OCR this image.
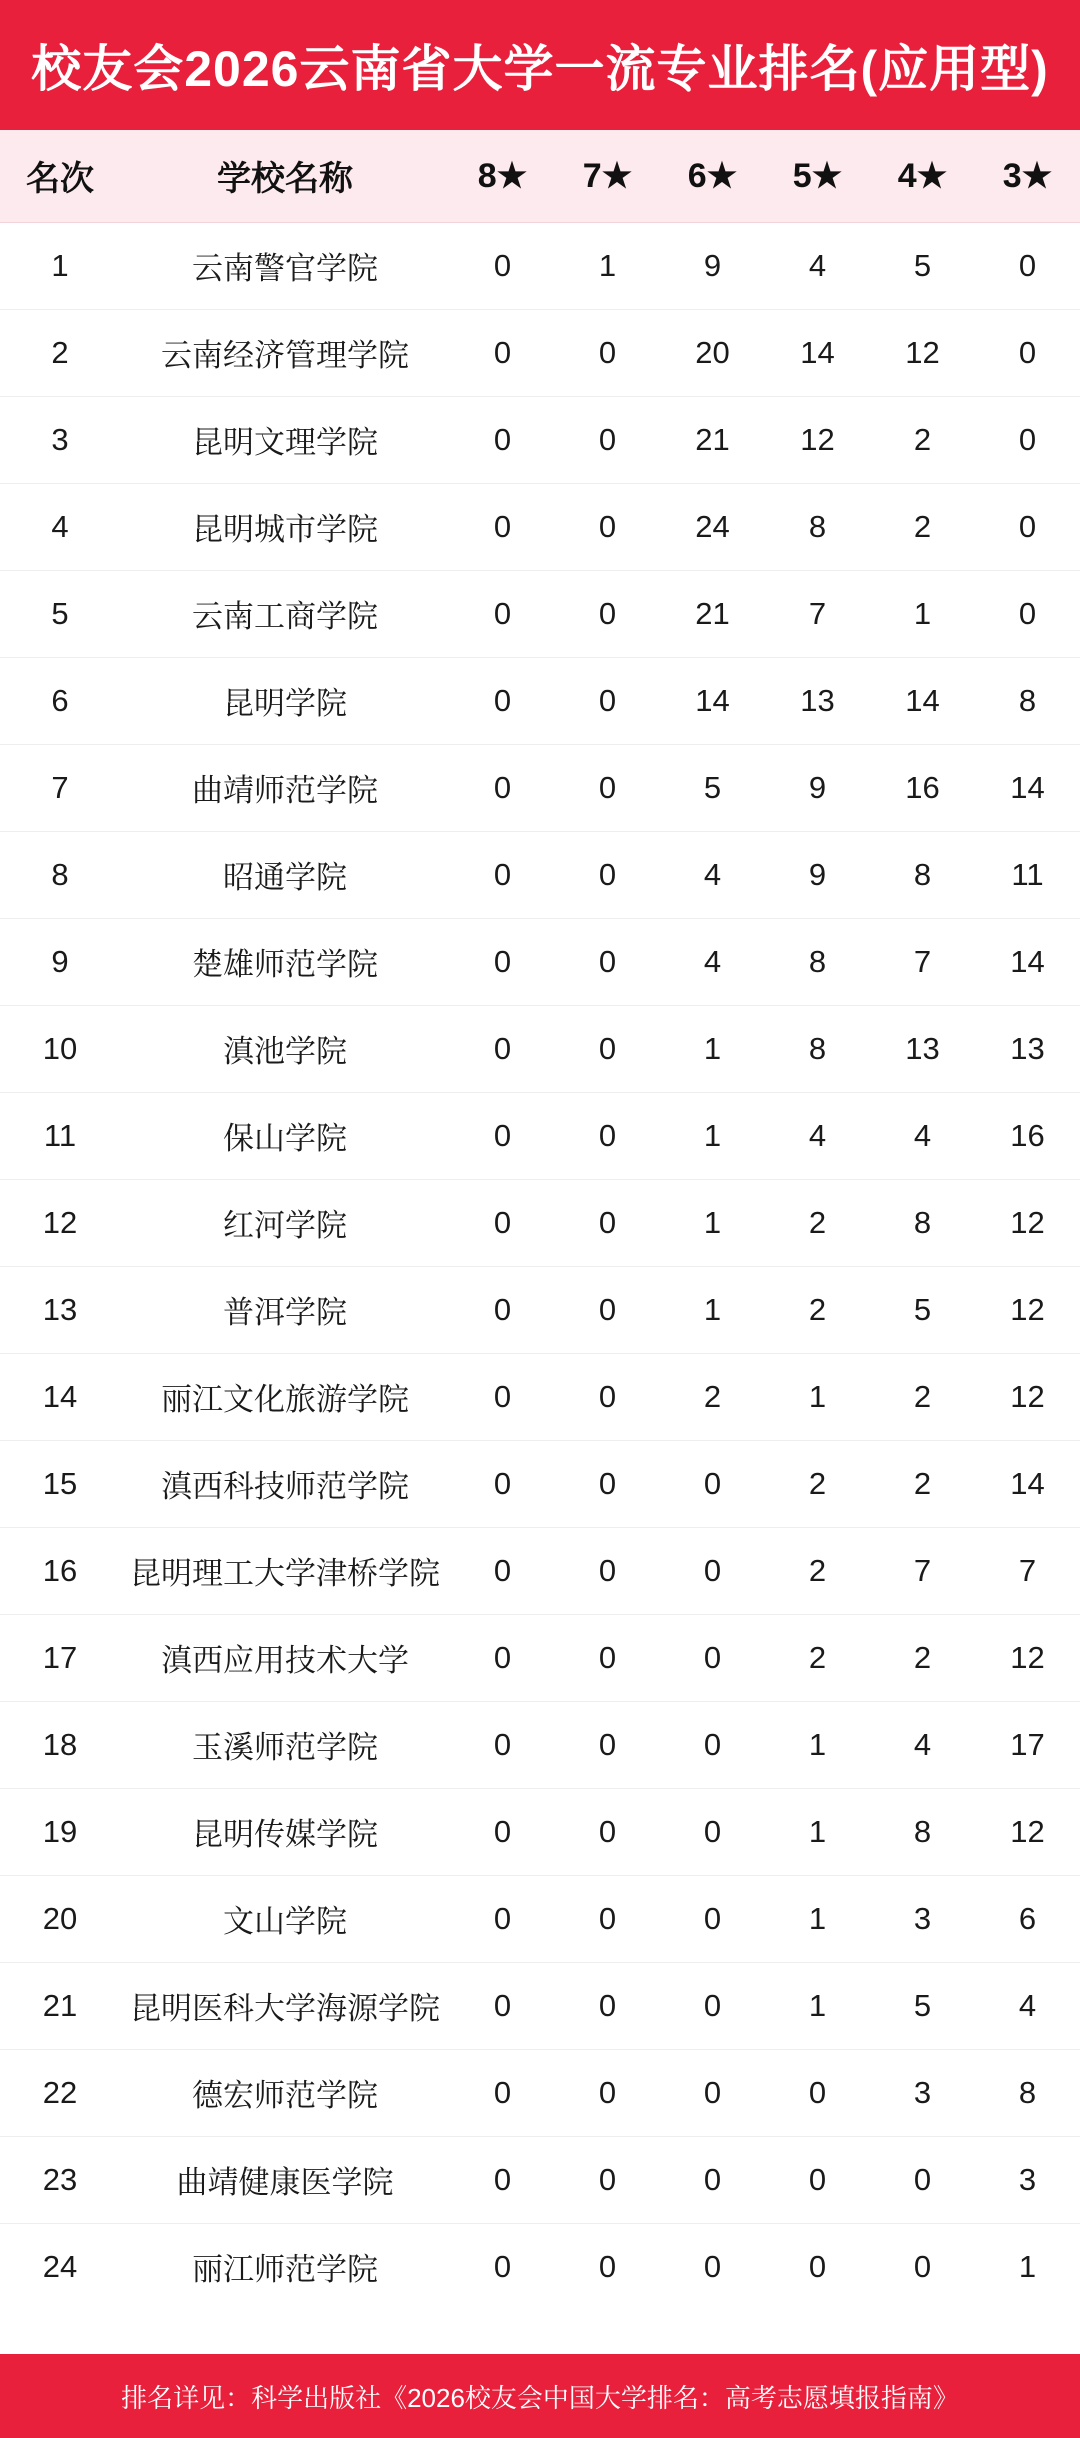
校友会2026云南省大学一流专业排名(应用型)
名次	学校名称	8★	7★	6★	5★	4★	3★
1	云南警官学院	0	1	9	4	5	0
2	云南经济管理学院	0	0	20	14	12	0
3	昆明文理学院	0	0	21	12	2	0
4	昆明城市学院	0	0	24	8	2	0
5	云南工商学院	0	0	21	7	1	0
6	昆明学院	0	0	14	13	14	8
7	曲靖师范学院	0	0	5	9	16	14
8	昭通学院	0	0	4	9	8	11
9	楚雄师范学院	0	0	4	8	7	14
10	滇池学院	0	0	1	8	13	13
11	保山学院	0	0	1	4	4	16
12	红河学院	0	0	1	2	8	12
13	普洱学院	0	0	1	2	5	12
14	丽江文化旅游学院	0	0	2	1	2	12
15	滇西科技师范学院	0	0	0	2	2	14
16	昆明理工大学津桥学院	0	0	0	2	7	7
17	滇西应用技术大学	0	0	0	2	2	12
18	玉溪师范学院	0	0	0	1	4	17
19	昆明传媒学院	0	0	0	1	8	12
20	文山学院	0	0	0	1	3	6
21	昆明医科大学海源学院	0	0	0	1	5	4
22	德宏师范学院	0	0	0	0	3	8
23	曲靖健康医学院	0	0	0	0	0	3
24	丽江师范学院	0	0	0	0	0	1
排名详见：科学出版社《2026校友会中国大学排名：高考志愿填报指南》
